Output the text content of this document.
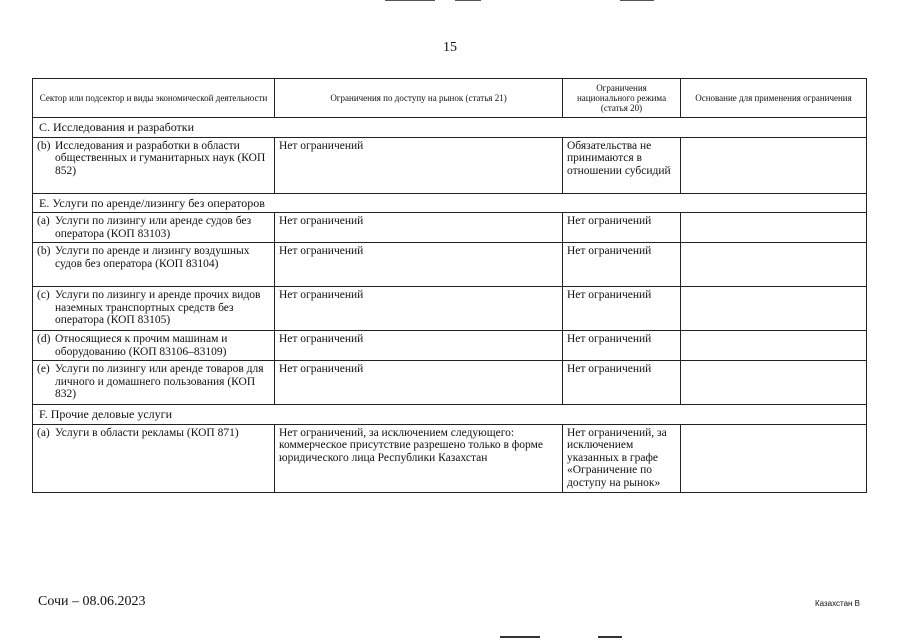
15
Сектор или подсектор и виды экономической деятельности	Ограничения по доступу на рынок (статья 21)	Ограничения национального режима (статья 20)	Основание для применения ограничения
C. Исследования и разработки			

(b) Исследования и разработки в области общественных и гуманитарных наук (КОП 852)	Нет ограничений	Обязательства не принимаются в отношении субсидий	
E. Услуги по аренде/лизингу без операторов			

(a) Услуги по лизингу или аренде судов без оператора (КОП 83103)	Нет ограничений	Нет ограничений	

(b) Услуги по аренде и лизингу воздушных судов без оператора (КОП 83104)	Нет ограничений	Нет ограничений	

(c) Услуги по лизингу и аренде прочих видов наземных транспортных средств без оператора (КОП 83105)	Нет ограничений	Нет ограничений	

(d) Относящиеся к прочим машинам и оборудованию (КОП 83106–83109)	Нет ограничений	Нет ограничений	

(e) Услуги по лизингу или аренде товаров для личного и домашнего пользования (КОП 832)	Нет ограничений	Нет ограничений	
F. Прочие деловые услуги			

(a) Услуги в области рекламы (КОП 871)	Нет ограничений, за исключением следующего: коммерческое присутствие разрешено только в форме юридического лица Республики Казахстан	Нет ограничений, за исключением указанных в графе «Ограничение по доступу на рынок»	
Сочи – 08.06.2023	Казахстан B
